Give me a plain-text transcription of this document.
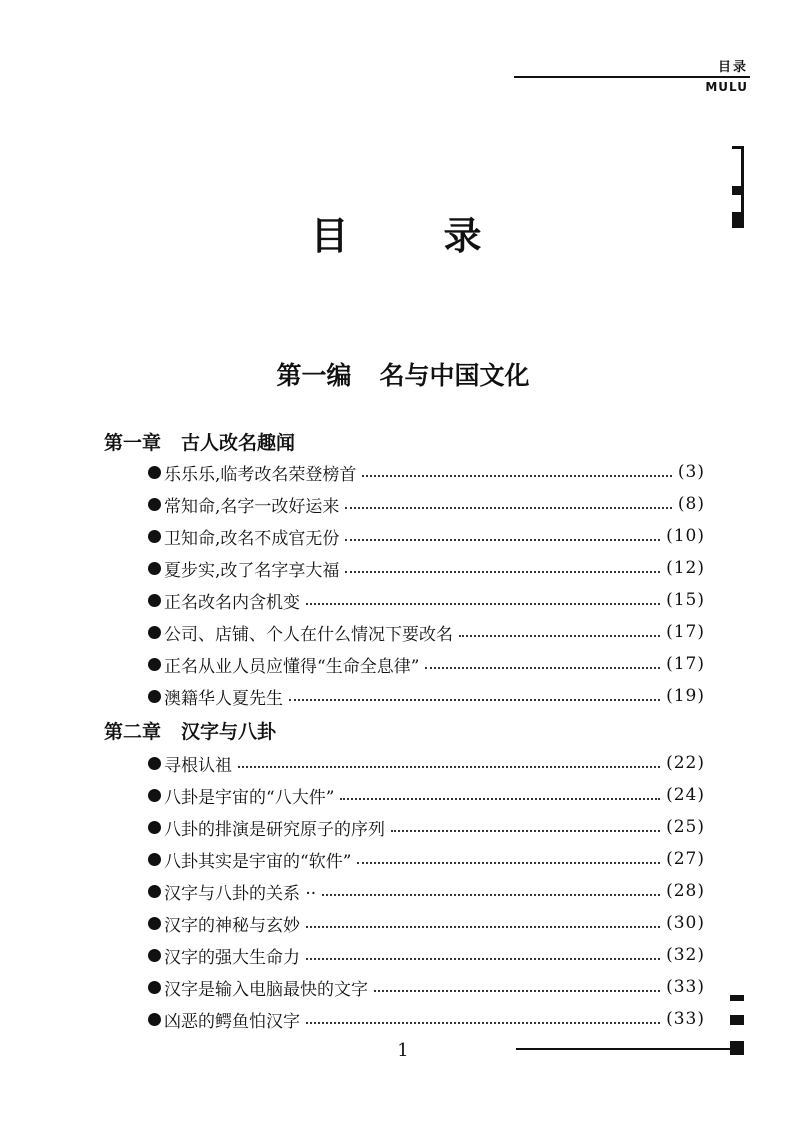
目录
MULU
目	录
第一编 名与中国文化
第一章 古人改名趣闻
乐乐乐,临考改名荣登榜首	(3)
常知命,名字一改好运来	(8)
卫知命,改名不成官无份	(10)
夏步实,改了名字享大福	(12)
正名改名内含机变	(15)
公司、店铺、个人在什么情况下要改名	(17)
正名从业人员应懂得“生命全息律”	(17)
澳籍华人夏先生	(19)
第二章 汉字与八卦
寻根认祖	(22)
八卦是宇宙的“八大件”	(24)
八卦的排演是研究原子的序列	(25)
八卦其实是宇宙的“软件”	(27)
汉字与八卦的关系 ··	(28)
汉字的神秘与玄妙	(30)
汉字的强大生命力	(32)
汉字是输入电脑最快的文字	(33)
凶恶的鳄鱼怕汉字	(33)
1
